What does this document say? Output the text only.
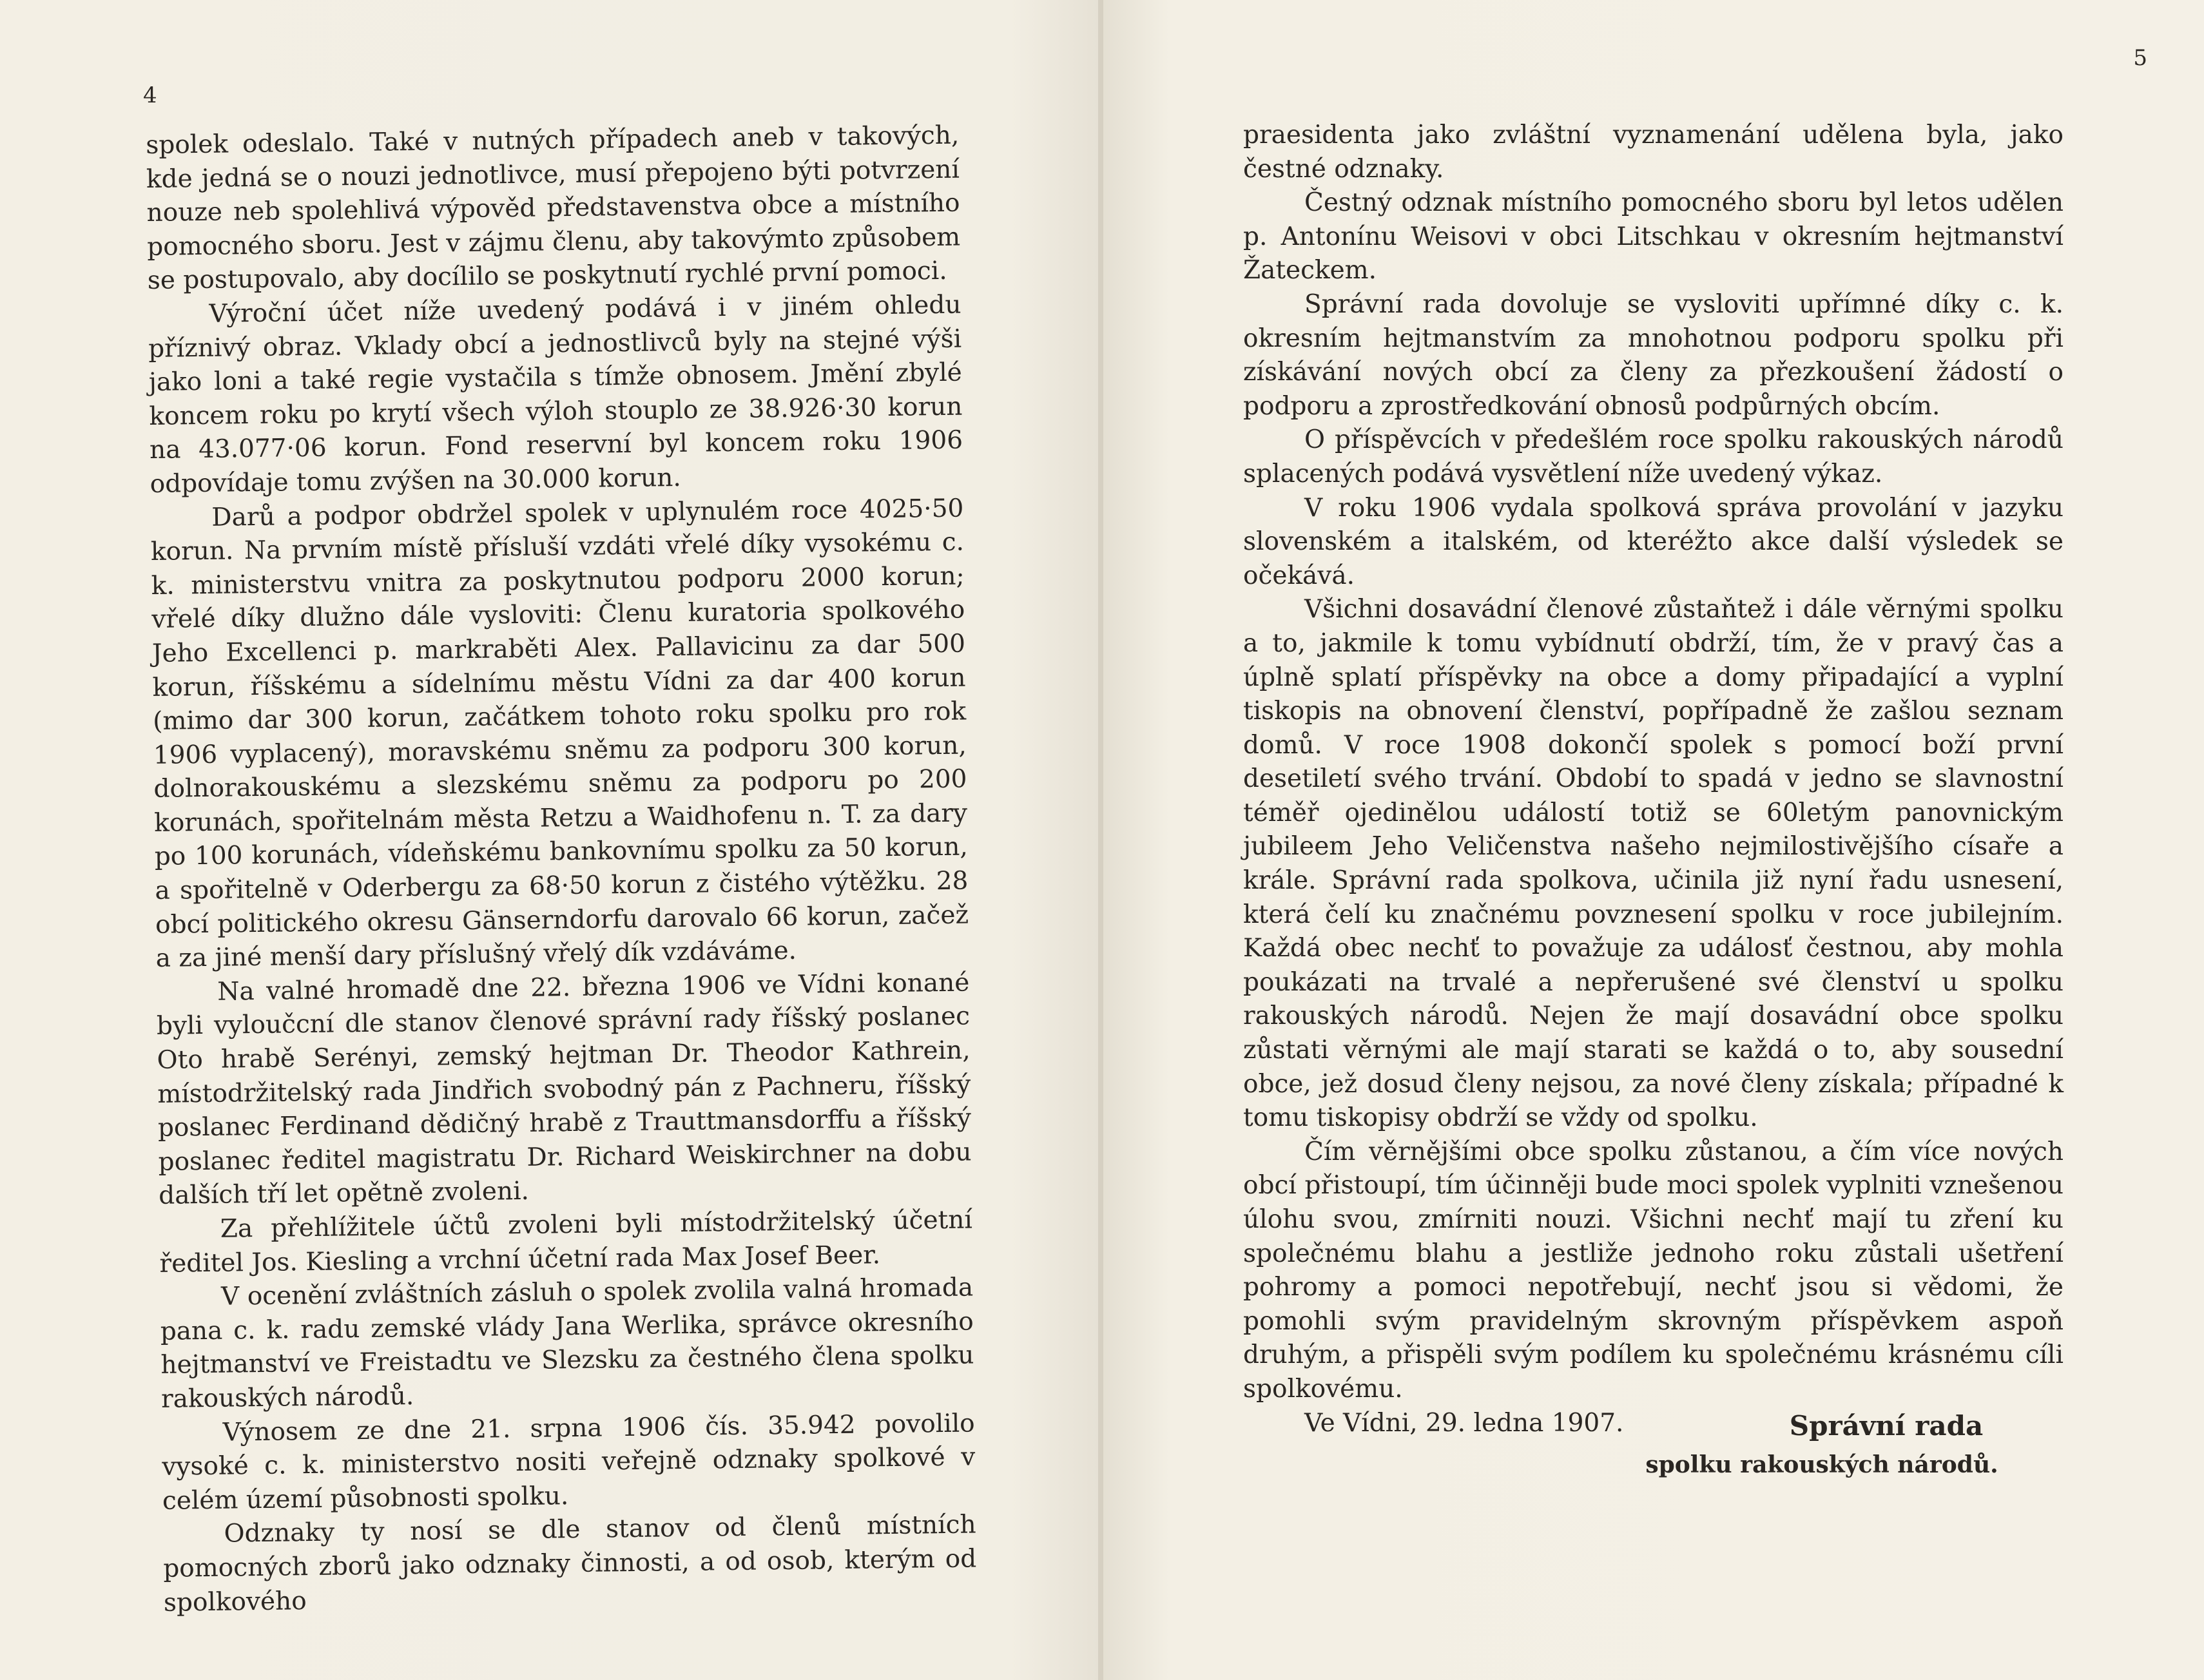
4

spolek odeslalo. Také v nutných případech aneb v takových, kde jedná se o nouzi jednotlivce, musí přepojeno býti potvrzení nouze neb spolehlivá výpověd představenstva obce a místního pomocného sboru. Jest v zájmu členu, aby takovýmto způsobem se postupovalo, aby docílilo se poskytnutí rychlé první pomoci.

Výroční účet níže uvedený podává i v jiném ohledu příznivý obraz. Vklady obcí a jednostlivců byly na stejné výši jako loni a také regie vystačila s tímže obnosem. Jmění zbylé koncem roku po krytí všech výloh stouplo ze 38.926·30 korun na 43.077·06 korun. Fond reservní byl koncem roku 1906 odpovídaje tomu zvýšen na 30.000 korun.

Darů a podpor obdržel spolek v uplynulém roce 4025·50 korun. Na prvním místě přísluší vzdáti vřelé díky vysokému c. k. ministerstvu vnitra za poskytnutou podporu 2000 korun; vřelé díky dlužno dále vysloviti: Členu kuratoria spolkového Jeho Excellenci p. markraběti Alex. Pallavicinu za dar 500 korun, říšskému a sídelnímu městu Vídni za dar 400 korun (mimo dar 300 korun, začátkem tohoto roku spolku pro rok 1906 vyplacený), moravskému sněmu za podporu 300 korun, dolnorakouskému a slezskému sněmu za podporu po 200 korunách, spořitelnám města Retzu a Waidhofenu n. T. za dary po 100 korunách, vídeňskému bankovnímu spolku za 50 korun, a spořitelně v Oderbergu za 68·50 korun z čistého výtěžku. 28 obcí politického okresu Gänserndorfu darovalo 66 korun, začež a za jiné menší dary příslušný vřelý dík vzdáváme.

Na valné hromadě dne 22. března 1906 ve Vídni konané byli vyloučcní dle stanov členové správní rady říšský poslanec Oto hrabě Serényi, zemský hejtman Dr. Theodor Kathrein, místodržitelský rada Jindřich svobodný pán z Pachneru, říšský poslanec Ferdinand dědičný hrabě z Trauttmansdorffu a říšský poslanec ředitel magistratu Dr. Richard Weiskirchner na dobu dalších tří let opětně zvoleni.

Za přehlížitele účtů zvoleni byli místodržitelský účetní ředitel Jos. Kiesling a vrchní účetní rada Max Josef Beer.

V ocenění zvláštních zásluh o spolek zvolila valná hromada pana c. k. radu zemské vlády Jana Werlika, správce okresního hejtmanství ve Freistadtu ve Slezsku za čestného člena spolku rakouských národů.

Výnosem ze dne 21. srpna 1906 čís. 35.942 povolilo vysoké c. k. ministerstvo nositi veřejně odznaky spolkové v celém území působnosti spolku.

Odznaky ty nosí se dle stanov od členů místních pomocných zborů jako odznaky činnosti, a od osob, kterým od spolkového

5

praesidenta jako zvláštní vyznamenání udělena byla, jako čestné odznaky.

Čestný odznak místního pomocného sboru byl letos udělen p. Antonínu Weisovi v obci Litschkau v okresním hejtmanství Žateckem.

Správní rada dovoluje se vysloviti upřímné díky c. k. okresním hejtmanstvím za mnohotnou podporu spolku při získávání nových obcí za členy za přezkoušení žádostí o podporu a zprostředkování obnosů podpůrných obcím.

O příspěvcích v předešlém roce spolku rakouských národů splacených podává vysvětlení níže uvedený výkaz.

V roku 1906 vydala spolková správa provolání v jazyku slovenském a italském, od kteréžto akce další výsledek se očekává.

Všichni dosavádní členové zůstaňtež i dále věrnými spolku a to, jakmile k tomu vybídnutí obdrží, tím, že v pravý čas a úplně splatí příspěvky na obce a domy připadající a vyplní tiskopis na obnovení členství, popřípadně že zašlou seznam domů. V roce 1908 dokončí spolek s pomocí boží první desetiletí svého trvání. Období to spadá v jedno se slavnostní téměř ojedinělou událostí totiž se 60letým panovnickým jubileem Jeho Veličenstva našeho nejmilostivějšího císaře a krále. Správní rada spolkova, učinila již nyní řadu usnesení, která čelí ku značnému povznesení spolku v roce jubilejním. Každá obec nechť to považuje za událosť čestnou, aby mohla poukázati na trvalé a nepřerušené své členství u spolku rakouských národů. Nejen že mají dosavádní obce spolku zůstati věrnými ale mají starati se každá o to, aby sousední obce, jež dosud členy nejsou, za nové členy získala; případné k tomu tiskopisy obdrží se vždy od spolku.

Čím věrnějšími obce spolku zůstanou, a čím více nových obcí přistoupí, tím účinněji bude moci spolek vyplniti vznešenou úlohu svou, zmírniti nouzi. Všichni nechť mají tu zření ku společnému blahu a jestliže jednoho roku zůstali ušetření pohromy a pomoci nepotřebují, nechť jsou si vědomi, že pomohli svým pravidelným skrovným příspěvkem aspoň druhým, a přispěli svým podílem ku společnému krásnému cíli spolkovému.

Ve Vídni, 29. ledna 1907.	Správní rada
spolku rakouských národů.
